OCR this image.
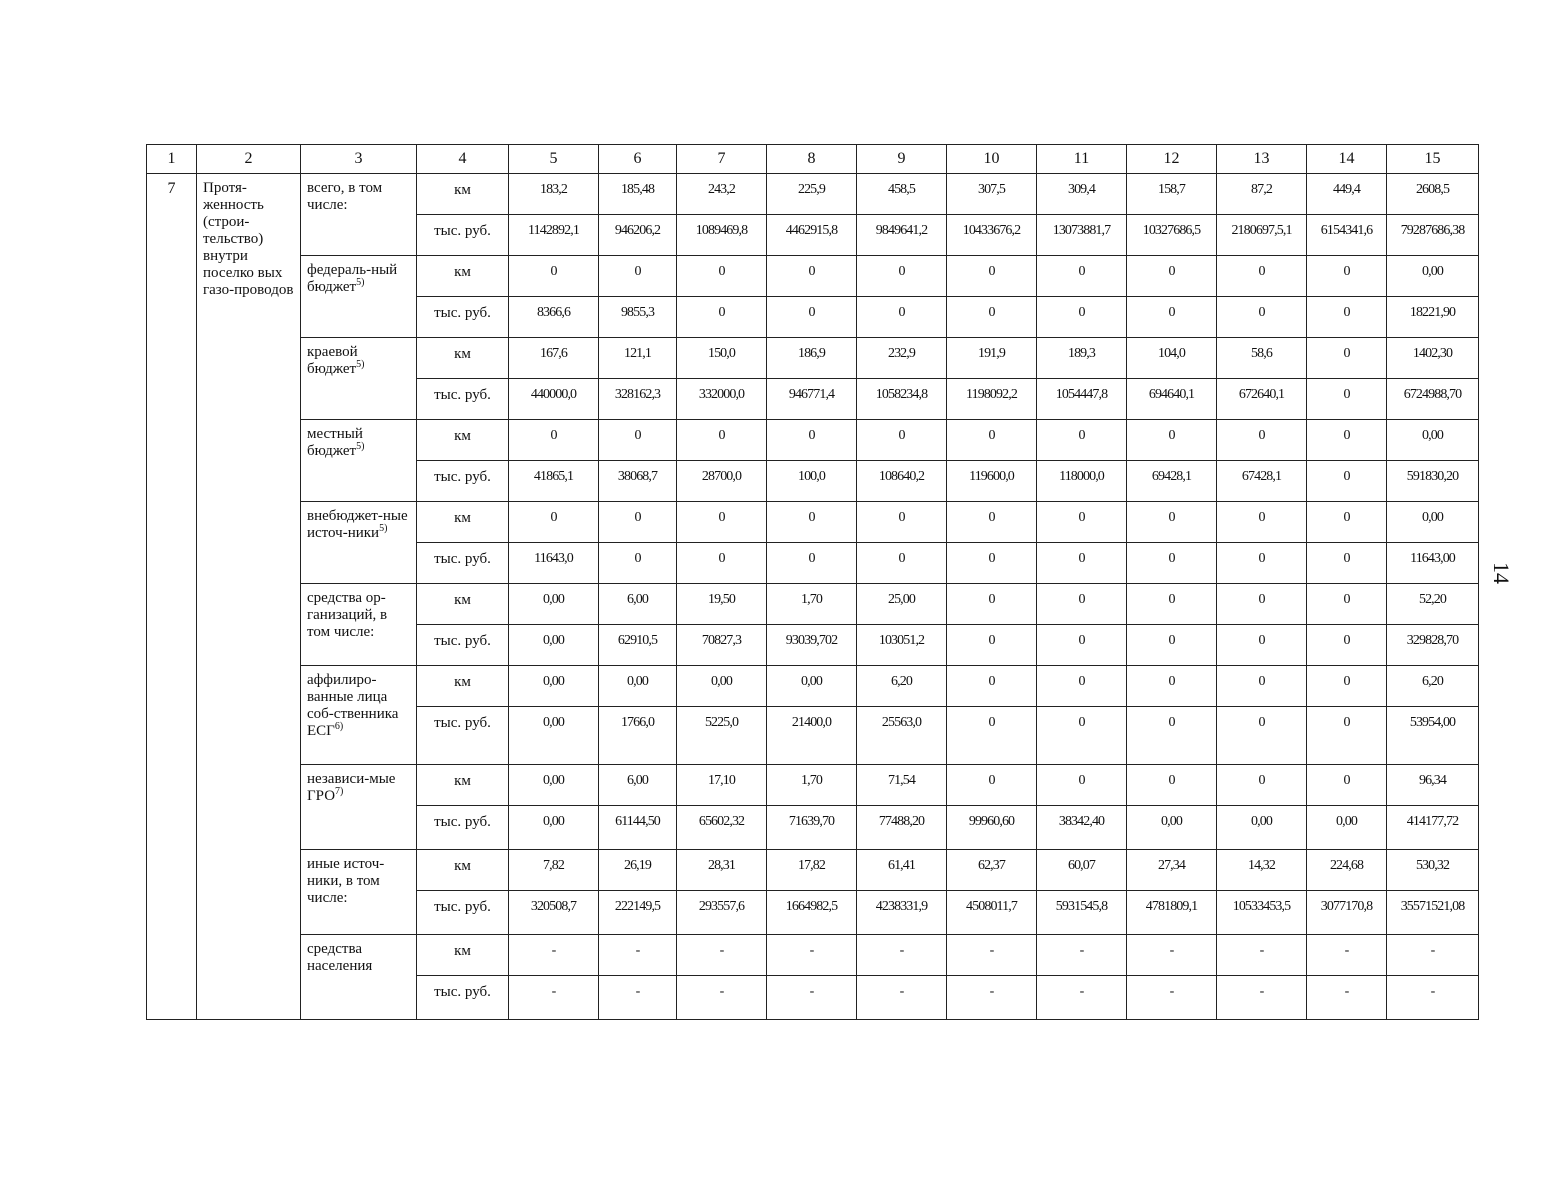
1	2	3	4	5	6	7	8	9	10	11	12	13	14	15
7	Протя-женность (строи-тельство) внутри поселко вых газо-проводов	всего, в том числе:	км	183,2	185,48	243,2	225,9	458,5	307,5	309,4	158,7	87,2	449,4	2608,5
			тыс. руб.	1142892,1	946206,2	1089469,8	4462915,8	9849641,2	10433676,2	13073881,7	10327686,5	2180697,5,1	6154341,6	79287686,38
		федераль-ный бюджет$^{5)}$	км	0	0	0	0	0	0	0	0	0	0	0,00
			тыс. руб.	8366,6	9855,3	0	0	0	0	0	0	0	0	18221,90
		краевой бюджет$^{5)}$	км	167,6	121,1	150,0	186,9	232,9	191,9	189,3	104,0	58,6	0	1402,30
			тыс. руб.	440000,0	328162,3	332000,0	946771,4	1058234,8	1198092,2	1054447,8	694640,1	672640,1	0	6724988,70
		местный бюджет$^{5)}$	км	0	0	0	0	0	0	0	0	0	0	0,00
			тыс. руб.	41865,1	38068,7	28700,0	100,0	108640,2	119600,0	118000,0	69428,1	67428,1	0	591830,20
		внебюджет-ные источ-ники$^{5)}$	км	0	0	0	0	0	0	0	0	0	0	0,00
			тыс. руб.	11643,0	0	0	0	0	0	0	0	0	0	11643,00
		средства ор-ганизаций, в том числе:	км	0,00	6,00	19,50	1,70	25,00	0	0	0	0	0	52,20
			тыс. руб.	0,00	62910,5	70827,3	93039,702	103051,2	0	0	0	0	0	329828,70
		аффилиро-ванные лица соб-ственника ЕСГ$^{6)}$	км	0,00	0,00	0,00	0,00	6,20	0	0	0	0	0	6,20
			тыс. руб.	0,00	1766,0	5225,0	21400,0	25563,0	0	0	0	0	0	53954,00
		независи-мые ГРО$^{7)}$	км	0,00	6,00	17,10	1,70	71,54	0	0	0	0	0	96,34
			тыс. руб.	0,00	61144,50	65602,32	71639,70	77488,20	99960,60	38342,40	0,00	0,00	0,00	414177,72
		иные источ-ники, в том числе:	км	7,82	26,19	28,31	17,82	61,41	62,37	60,07	27,34	14,32	224,68	530,32
			тыс. руб.	320508,7	222149,5	293557,6	1664982,5	4238331,9	4508011,7	5931545,8	4781809,1	10533453,5	3077170,8	35571521,08
		средства населения	км	-	-	-	-	-	-	-	-	-	-	-
			тыс. руб.	-	-	-	-	-	-	-	-	-	-	-
14
